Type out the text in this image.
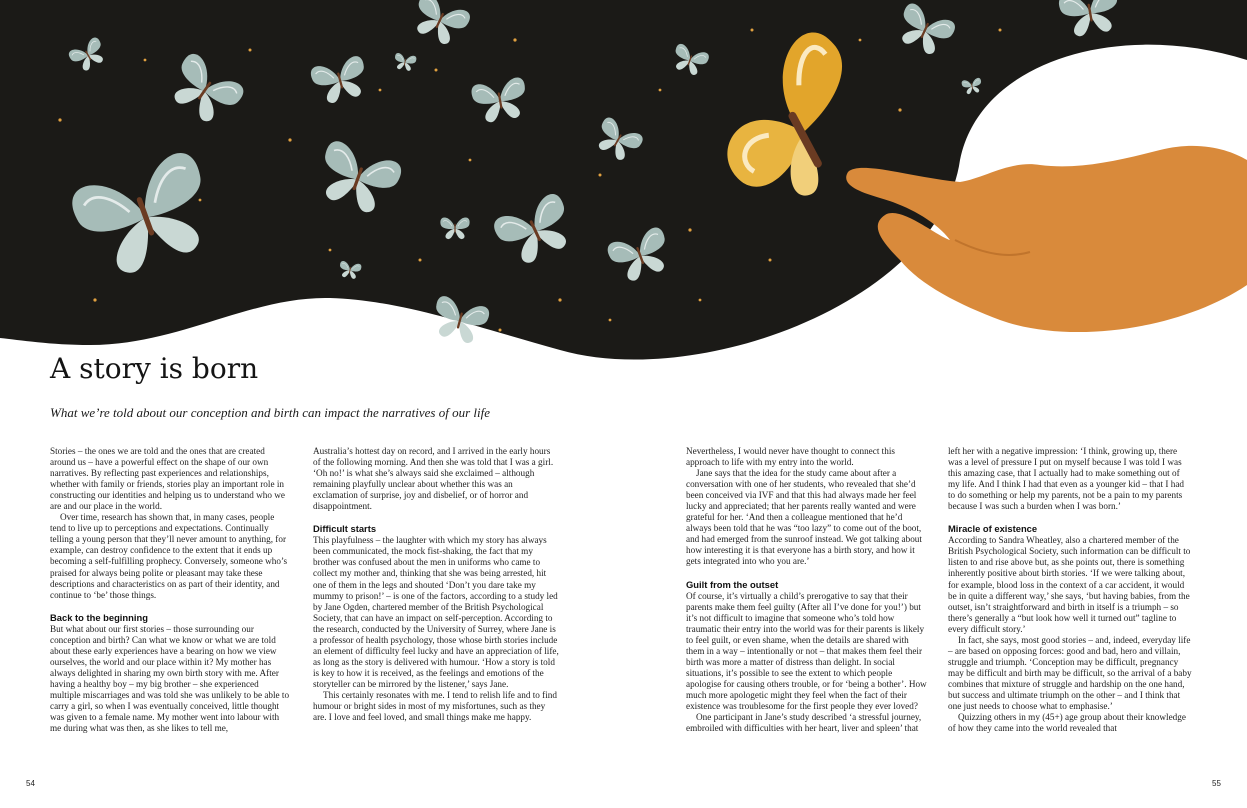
A story is born

What we’re told about our conception and birth can impact the narratives of our life

Stories – the ones we are told and the ones that are created around us – have a powerful effect on the shape of our own narratives. By reflecting past experiences and relationships, whether with family or friends, stories play an important role in constructing our identities and helping us to understand who we are and our place in the world.

Over time, research has shown that, in many cases, people tend to live up to perceptions and expectations. Continually telling a young person that they’ll never amount to anything, for example, can destroy confidence to the extent that it ends up becoming a self-fulfilling prophecy. Conversely, someone who’s praised for always being polite or pleasant may take these descriptions and characteristics on as part of their identity, and continue to ‘be’ those things.

Back to the beginning

But what about our first stories – those surrounding our conception and birth? Can what we know or what we are told about these early experiences have a bearing on how we view ourselves, the world and our place within it? My mother has always delighted in sharing my own birth story with me. After having a healthy boy – my big brother – she experienced multiple miscarriages and was told she was unlikely to be able to carry a girl, so when I was eventually conceived, little thought was given to a female name. My mother went into labour with me during what was then, as she likes to tell me,

Australia’s hottest day on record, and I arrived in the early hours of the following morning. And then she was told that I was a girl. ‘Oh no!’ is what she’s always said she exclaimed – although remaining playfully unclear about whether this was an exclamation of surprise, joy and disbelief, or of horror and disappointment.

Difficult starts

This playfulness – the laughter with which my story has always been communicated, the mock fist-shaking, the fact that my brother was confused about the men in uniforms who came to collect my mother and, thinking that she was being arrested, hit one of them in the legs and shouted ‘Don’t you dare take my mummy to prison!’ – is one of the factors, according to a study led by Jane Ogden, chartered member of the British Psychological Society, that can have an impact on self-perception. According to the research, conducted by the University of Surrey, where Jane is a professor of health psychology, those whose birth stories include an element of difficulty feel lucky and have an appreciation of life, as long as the story is delivered with humour. ‘How a story is told is key to how it is received, as the feelings and emotions of the storyteller can be mirrored by the listener,’ says Jane.

This certainly resonates with me. I tend to relish life and to find humour or bright sides in most of my misfortunes, such as they are. I love and feel loved, and small things make me happy.

Nevertheless, I would never have thought to connect this approach to life with my entry into the world.

Jane says that the idea for the study came about after a conversation with one of her students, who revealed that she’d been conceived via IVF and that this had always made her feel lucky and appreciated; that her parents really wanted and were grateful for her. ‘And then a colleague mentioned that he’d always been told that he was “too lazy” to come out of the boot, and had emerged from the sunroof instead. We got talking about how interesting it is that everyone has a birth story, and how it gets integrated into who you are.’

Guilt from the outset

Of course, it’s virtually a child’s prerogative to say that their parents make them feel guilty (After all I’ve done for you!’) but it’s not difficult to imagine that someone who’s told how traumatic their entry into the world was for their parents is likely to feel guilt, or even shame, when the details are shared with them in a way – intentionally or not – that makes them feel their birth was more a matter of distress than delight. In social situations, it’s possible to see the extent to which people apologise for causing others trouble, or for ‘being a bother’. How much more apologetic might they feel when the fact of their existence was troublesome for the first people they ever loved?

One participant in Jane’s study described ‘a stressful journey, embroiled with difficulties with her heart, liver and spleen’ that

left her with a negative impression: ‘I think, growing up, there was a level of pressure I put on myself because I was told I was this amazing case, that I actually had to make something out of my life. And I think I had that even as a younger kid – that I had to do something or help my parents, not be a pain to my parents because I was such a burden when I was born.’

Miracle of existence

According to Sandra Wheatley, also a chartered member of the British Psychological Society, such information can be difficult to listen to and rise above but, as she points out, there is something inherently positive about birth stories. ‘If we were talking about, for example, blood loss in the context of a car accident, it would be in quite a different way,’ she says, ‘but having babies, from the outset, isn’t straightforward and birth in itself is a triumph – so there’s generally a “but look how well it turned out” tagline to every difficult story.’

In fact, she says, most good stories – and, indeed, everyday life – are based on opposing forces: good and bad, hero and villain, struggle and triumph. ‘Conception may be difficult, pregnancy may be difficult and birth may be difficult, so the arrival of a baby combines that mixture of struggle and hardship on the one hand, but success and ultimate triumph on the other – and I think that one just needs to choose what to emphasise.’

Quizzing others in my (45+) age group about their knowledge of how they came into the world revealed that

54	55
